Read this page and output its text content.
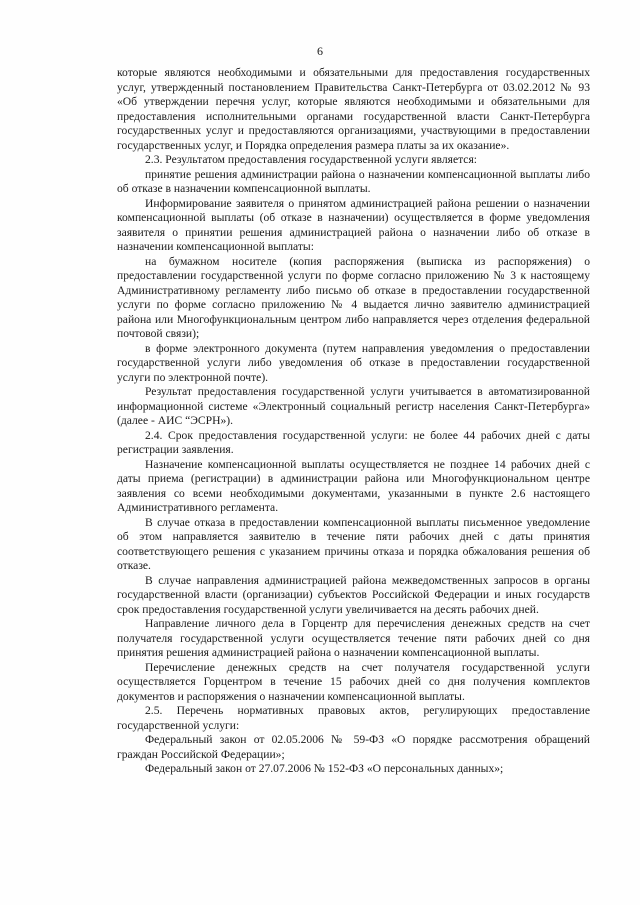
6

которые являются необходимыми и обязательными для предоставления государственных услуг, утвержденный постановлением Правительства Санкт-Петербурга от 03.02.2012 № 93 «Об утверждении перечня услуг, которые являются необходимыми и обязательными для предоставления исполнительными органами государственной власти Санкт-Петербурга государственных услуг и предоставляются организациями, участвующими в предоставлении государственных услуг, и Порядка определения размера платы за их оказание».

2.3. Результатом предоставления государственной услуги является:

принятие решения администрации района о назначении компенсационной выплаты либо об отказе в назначении компенсационной выплаты.

Информирование заявителя о принятом администрацией района решении о назначении компенсационной выплаты (об отказе в назначении) осуществляется в форме уведомления заявителя о принятии решения администрацией района о назначении либо об отказе в назначении компенсационной выплаты:

на бумажном носителе (копия распоряжения (выписка из распоряжения) о предоставлении государственной услуги по форме согласно приложению № 3 к настоящему Административному регламенту либо письмо об отказе в предоставлении государственной услуги по форме согласно приложению № 4 выдается лично заявителю администрацией района или Многофункциональным центром либо направляется через отделения федеральной почтовой связи);

в форме электронного документа (путем направления уведомления о предоставлении государственной услуги либо уведомления об отказе в предоставлении государственной услуги по электронной почте).

Результат предоставления государственной услуги учитывается в автоматизированной информационной системе «Электронный социальный регистр населения Санкт-Петербурга» (далее - АИС “ЭСРН»).

2.4. Срок предоставления государственной услуги: не более 44 рабочих дней с даты регистрации заявления.

Назначение компенсационной выплаты осуществляется не позднее 14 рабочих дней с даты приема (регистрации) в администрации района или Многофункциональном центре заявления со всеми необходимыми документами, указанными в пункте 2.6 настоящего Административного регламента.

В случае отказа в предоставлении компенсационной выплаты письменное уведомление об этом направляется заявителю в течение пяти рабочих дней с даты принятия соответствующего решения с указанием причины отказа и порядка обжалования решения об отказе.

В случае направления администрацией района межведомственных запросов в органы государственной власти (организации) субъектов Российской Федерации и иных государств срок предоставления государственной услуги увеличивается на десять рабочих дней.

Направление личного дела в Горцентр для перечисления денежных средств на счет получателя государственной услуги осуществляется течение пяти рабочих дней со дня принятия решения администрацией района о назначении компенсационной выплаты.

Перечисление денежных средств на счет получателя государственной услуги осуществляется Горцентром в течение 15 рабочих дней со дня получения комплектов документов и распоряжения о назначении компенсационной выплаты.

2.5. Перечень нормативных правовых актов, регулирующих предоставление государственной услуги:

Федеральный закон от 02.05.2006 № 59-ФЗ «О порядке рассмотрения обращений граждан Российской Федерации»;

Федеральный закон от 27.07.2006 № 152-ФЗ «О персональных данных»;
